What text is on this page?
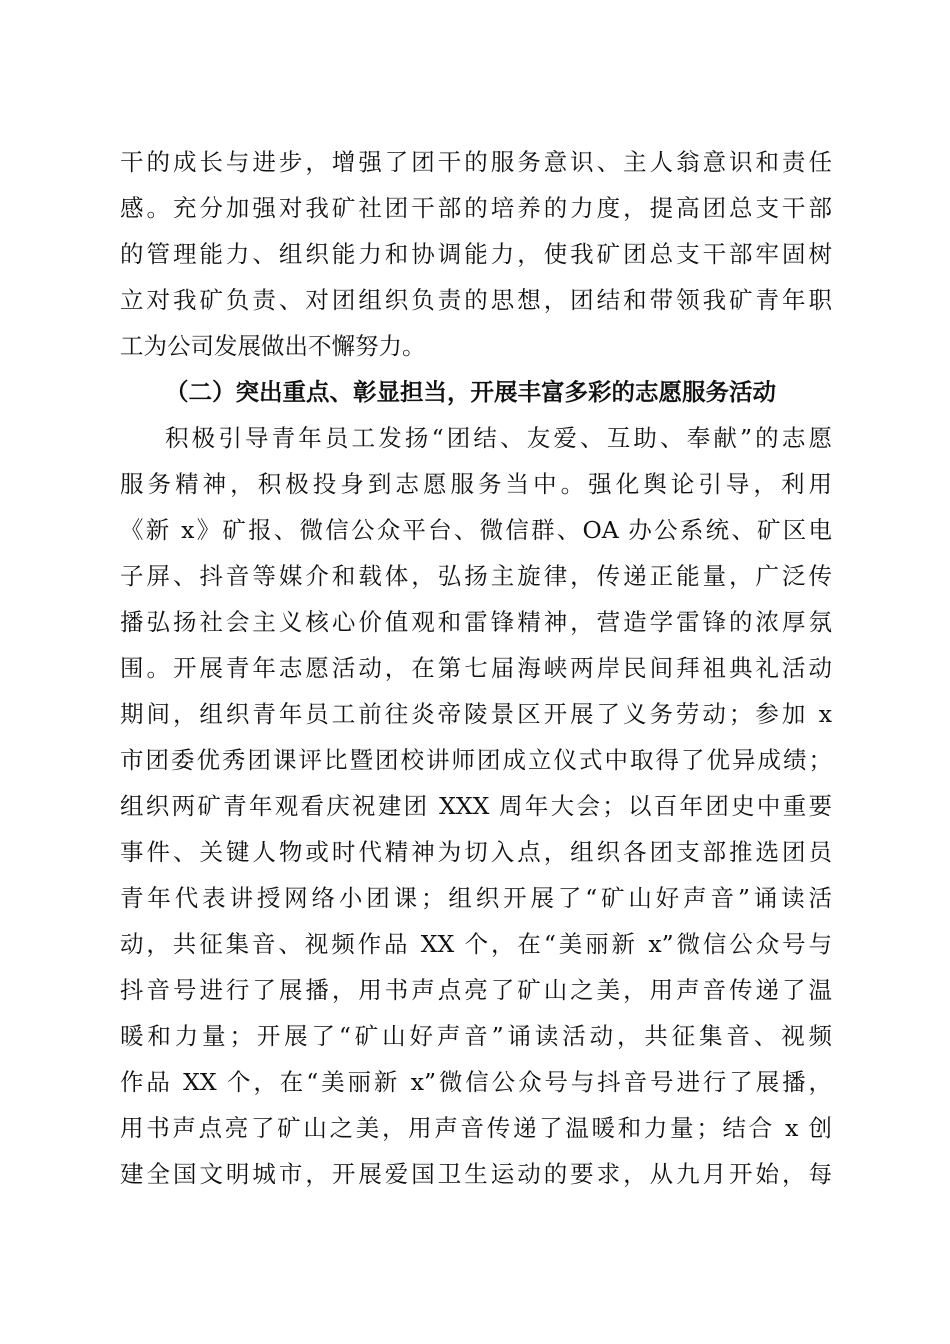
干的成长与进步，增强了团干的服务意识、主人翁意识和责任
感。充分加强对我矿社团干部的培养的力度，提高团总支干部
的管理能力、组织能力和协调能力，使我矿团总支干部牢固树
立对我矿负责、对团组织负责的思想，团结和带领我矿青年职
工为公司发展做出不懈努力。
（二）突出重点、彰显担当，开展丰富多彩的志愿服务活动
积极引导青年员工发扬“团结、友爱、互助、奉献”的志愿
服务精神，积极投身到志愿服务当中。强化舆论引导，利用
《新 x》矿报、微信公众平台、微信群、OA 办公系统、矿区电
子屏、抖音等媒介和载体，弘扬主旋律，传递正能量，广泛传
播弘扬社会主义核心价值观和雷锋精神，营造学雷锋的浓厚氛
围。开展青年志愿活动，在第七届海峡两岸民间拜祖典礼活动
期间，组织青年员工前往炎帝陵景区开展了义务劳动；参加 x
市团委优秀团课评比暨团校讲师团成立仪式中取得了优异成绩；
组织两矿青年观看庆祝建团 XXX 周年大会；以百年团史中重要
事件、关键人物或时代精神为切入点，组织各团支部推选团员
青年代表讲授网络小团课；组织开展了“矿山好声音”诵读活
动，共征集音、视频作品 XX 个，在“美丽新 x”微信公众号与
抖音号进行了展播，用书声点亮了矿山之美，用声音传递了温
暖和力量；开展了“矿山好声音”诵读活动，共征集音、视频
作品 XX 个，在“美丽新 x”微信公众号与抖音号进行了展播，
用书声点亮了矿山之美，用声音传递了温暖和力量；结合 x 创
建全国文明城市，开展爱国卫生运动的要求，从九月开始，每
